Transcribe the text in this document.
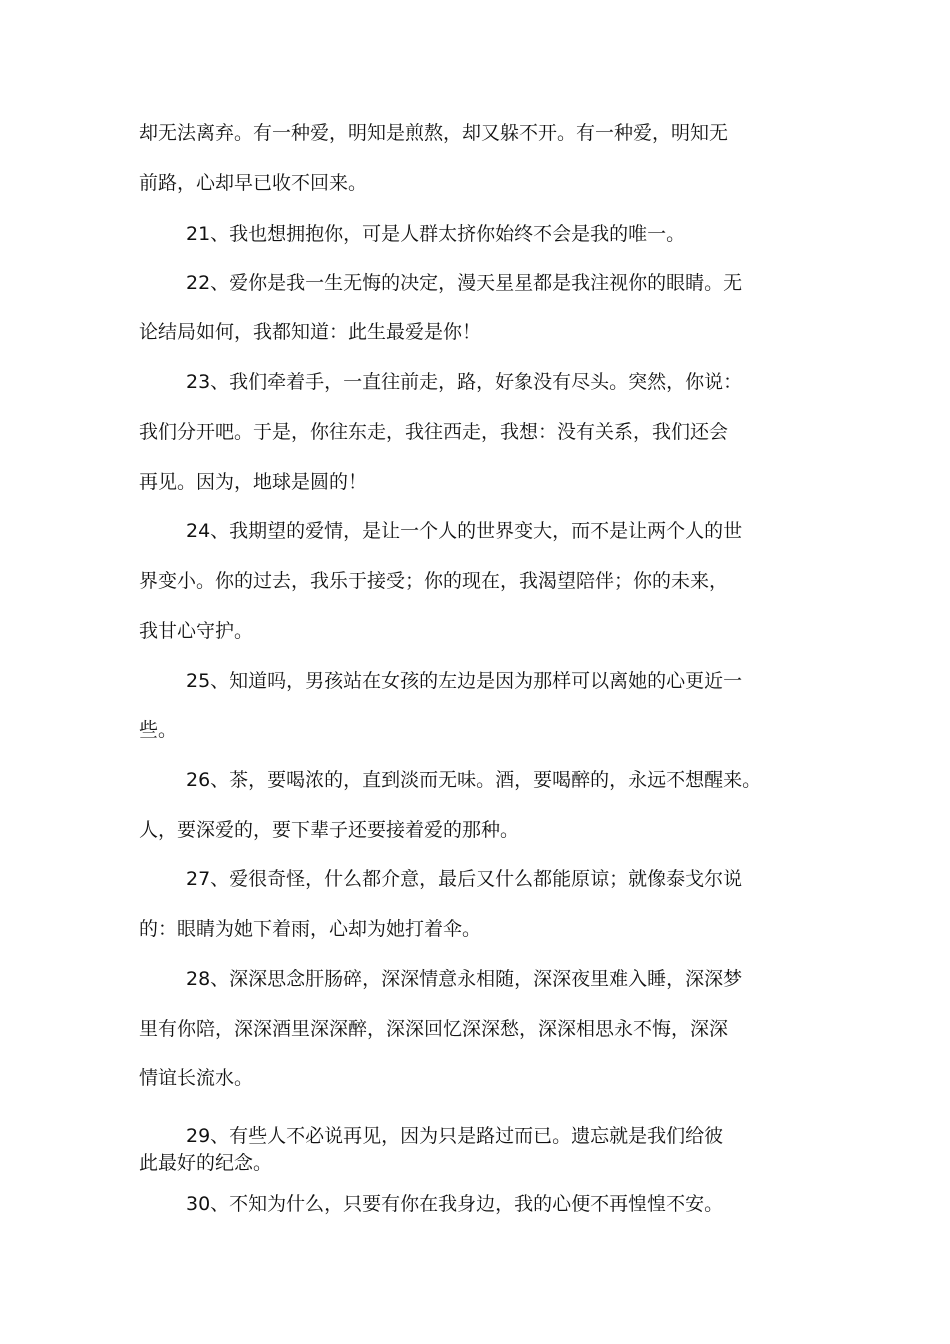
却无法离弃。有一种爱，明知是煎熬，却又躲不开。有一种爱，明知无
前路，心却早已收不回来。
21、我也想拥抱你，可是人群太挤你始终不会是我的唯一。
22、爱你是我一生无悔的决定，漫天星星都是我注视你的眼睛。无
论结局如何，我都知道：此生最爱是你！
23、我们牵着手，一直往前走，路，好象没有尽头。突然，你说：
我们分开吧。于是，你往东走，我往西走，我想：没有关系，我们还会
再见。因为，地球是圆的！
24、我期望的爱情，是让一个人的世界变大，而不是让两个人的世
界变小。你的过去，我乐于接受；你的现在，我渴望陪伴；你的未来，
我甘心守护。
25、知道吗，男孩站在女孩的左边是因为那样可以离她的心更近一
些。
26、茶，要喝浓的，直到淡而无味。酒，要喝醉的，永远不想醒来。
人，要深爱的，要下辈子还要接着爱的那种。
27、爱很奇怪，什么都介意，最后又什么都能原谅；就像泰戈尔说
的：眼睛为她下着雨，心却为她打着伞。
28、深深思念肝肠碎，深深情意永相随，深深夜里难入睡，深深梦
里有你陪，深深酒里深深醉，深深回忆深深愁，深深相思永不悔，深深
情谊长流水。
29、有些人不必说再见，因为只是路过而已。遗忘就是我们给彼
此最好的纪念。
30、不知为什么，只要有你在我身边，我的心便不再惶惶不安。
